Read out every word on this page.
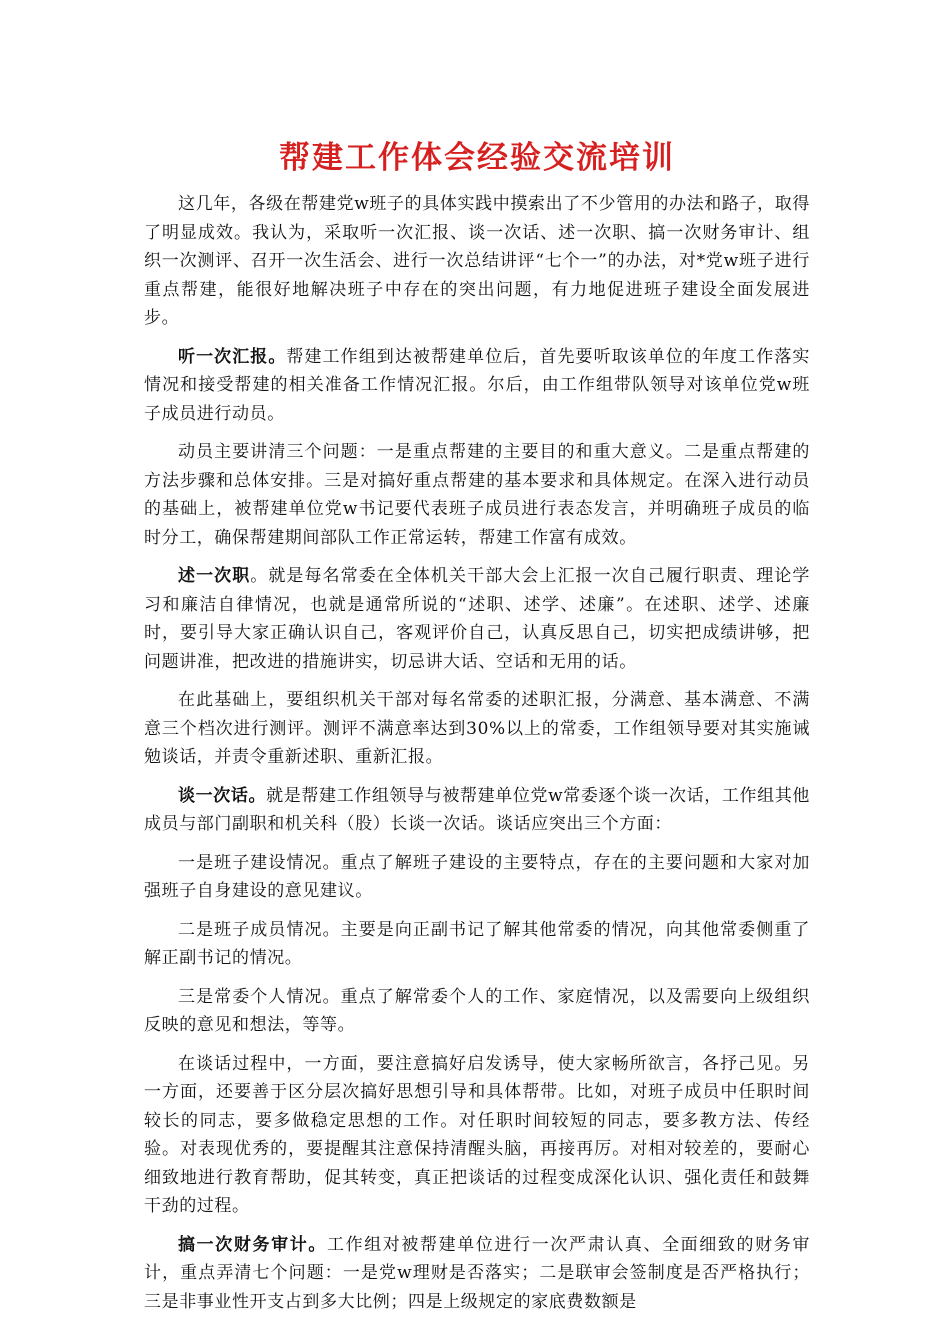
帮建工作体会经验交流培训

这几年，各级在帮建党w班子的具体实践中摸索出了不少管用的办法和路子，取得了明显成效。我认为，采取听一次汇报、谈一次话、述一次职、搞一次财务审计、组织一次测评、召开一次生活会、进行一次总结讲评“七个一”的办法，对*党w班子进行重点帮建，能很好地解决班子中存在的突出问题，有力地促进班子建设全面发展进步。

听一次汇报。帮建工作组到达被帮建单位后，首先要听取该单位的年度工作落实情况和接受帮建的相关准备工作情况汇报。尔后，由工作组带队领导对该单位党w班子成员进行动员。

动员主要讲清三个问题：一是重点帮建的主要目的和重大意义。二是重点帮建的方法步骤和总体安排。三是对搞好重点帮建的基本要求和具体规定。在深入进行动员的基础上，被帮建单位党w书记要代表班子成员进行表态发言，并明确班子成员的临时分工，确保帮建期间部队工作正常运转，帮建工作富有成效。

述一次职。就是每名常委在全体机关干部大会上汇报一次自己履行职责、理论学习和廉洁自律情况，也就是通常所说的“述职、述学、述廉”。在述职、述学、述廉时，要引导大家正确认识自己，客观评价自己，认真反思自己，切实把成绩讲够，把问题讲准，把改进的措施讲实，切忌讲大话、空话和无用的话。

在此基础上，要组织机关干部对每名常委的述职汇报，分满意、基本满意、不满意三个档次进行测评。测评不满意率达到30%以上的常委，工作组领导要对其实施诫勉谈话，并责令重新述职、重新汇报。

谈一次话。就是帮建工作组领导与被帮建单位党w常委逐个谈一次话，工作组其他成员与部门副职和机关科（股）长谈一次话。谈话应突出三个方面：

一是班子建设情况。重点了解班子建设的主要特点，存在的主要问题和大家对加强班子自身建设的意见建议。

二是班子成员情况。主要是向正副书记了解其他常委的情况，向其他常委侧重了解正副书记的情况。

三是常委个人情况。重点了解常委个人的工作、家庭情况，以及需要向上级组织反映的意见和想法，等等。

在谈话过程中，一方面，要注意搞好启发诱导，使大家畅所欲言，各抒己见。另一方面，还要善于区分层次搞好思想引导和具体帮带。比如，对班子成员中任职时间较长的同志，要多做稳定思想的工作。对任职时间较短的同志，要多教方法、传经验。对表现优秀的，要提醒其注意保持清醒头脑，再接再厉。对相对较差的，要耐心细致地进行教育帮助，促其转变，真正把谈话的过程变成深化认识、强化责任和鼓舞干劲的过程。

搞一次财务审计。工作组对被帮建单位进行一次严肃认真、全面细致的财务审计，重点弄清七个问题：一是党w理财是否落实；二是联审会签制度是否严格执行；三是非事业性开支占到多大比例；四是上级规定的家底费数额是
